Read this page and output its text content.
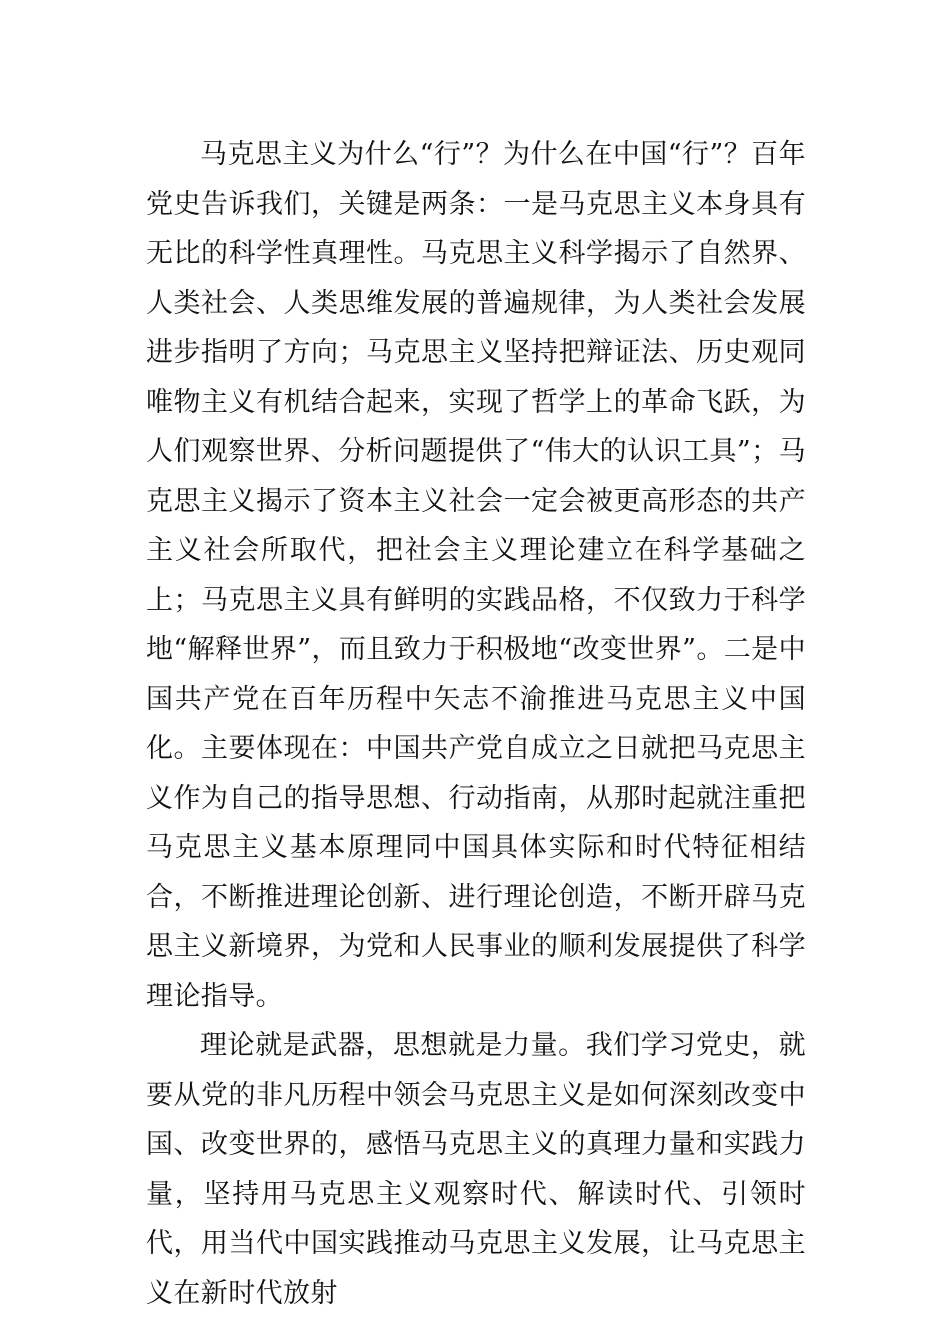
马克思主义为什么“行”？为什么在中国“行”？百年党史告诉我们，关键是两条：一是马克思主义本身具有无比的科学性真理性。马克思主义科学揭示了自然界、人类社会、人类思维发展的普遍规律，为人类社会发展进步指明了方向；马克思主义坚持把辩证法、历史观同唯物主义有机结合起来，实现了哲学上的革命飞跃，为人们观察世界、分析问题提供了“伟大的认识工具”；马克思主义揭示了资本主义社会一定会被更高形态的共产主义社会所取代，把社会主义理论建立在科学基础之上；马克思主义具有鲜明的实践品格，不仅致力于科学地“解释世界”，而且致力于积极地“改变世界”。二是中国共产党在百年历程中矢志不渝推进马克思主义中国化。主要体现在：中国共产党自成立之日就把马克思主义作为自己的指导思想、行动指南，从那时起就注重把马克思主义基本原理同中国具体实际和时代特征相结合，不断推进理论创新、进行理论创造，不断开辟马克思主义新境界，为党和人民事业的顺利发展提供了科学理论指导。

理论就是武器，思想就是力量。我们学习党史，就要从党的非凡历程中领会马克思主义是如何深刻改变中国、改变世界的，感悟马克思主义的真理力量和实践力量，坚持用马克思主义观察时代、解读时代、引领时代，用当代中国实践推动马克思主义发展，让马克思主义在新时代放射
